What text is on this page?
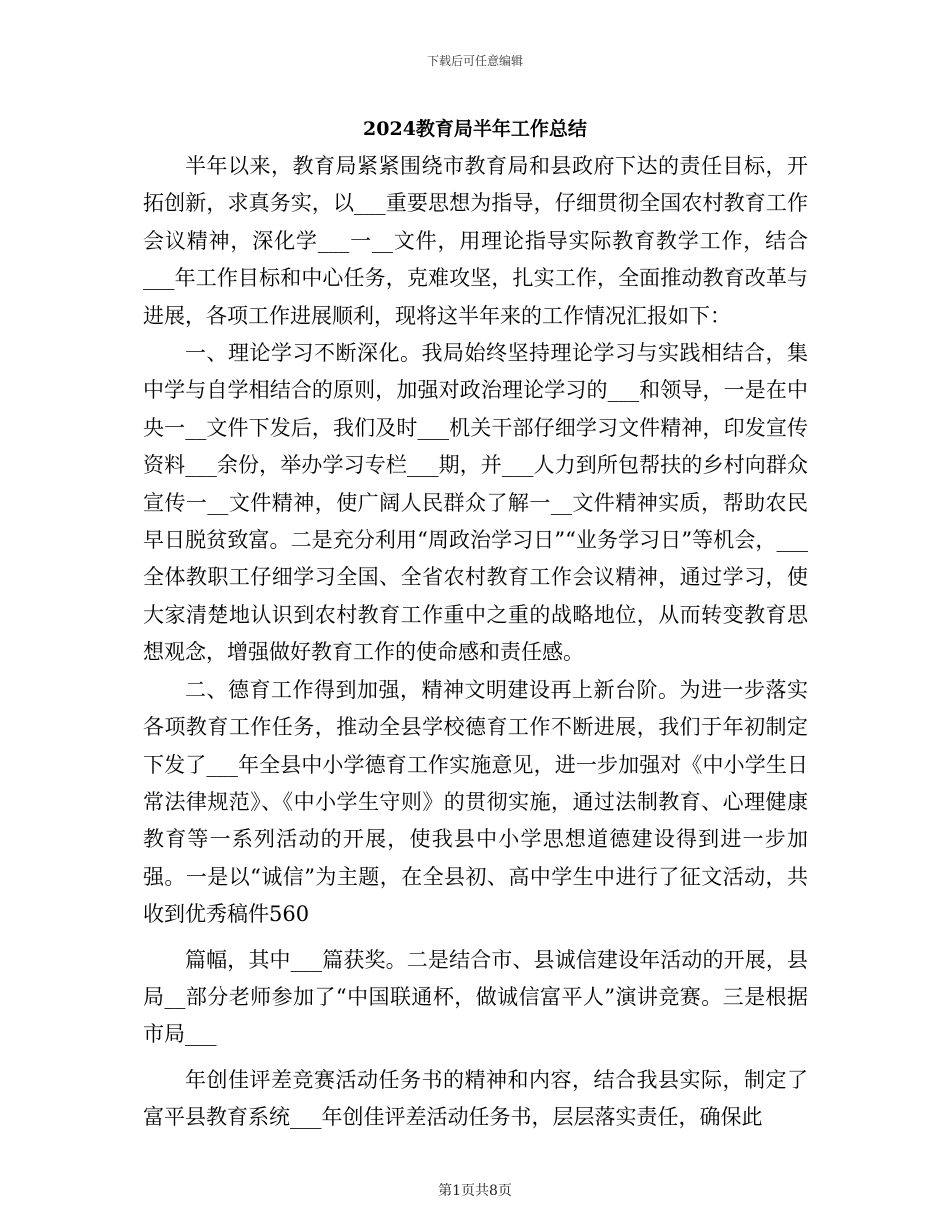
下载后可任意编辑
2024教育局半年工作总结

半年以来，教育局紧紧围绕市教育局和县政府下达的责任目标，开拓创新，求真务实，以___重要思想为指导，仔细贯彻全国农村教育工作会议精神，深化学___一__文件，用理论指导实际教育教学工作，结合___年工作目标和中心任务，克难攻坚，扎实工作，全面推动教育改革与进展，各项工作进展顺利，现将这半年来的工作情况汇报如下：

一、理论学习不断深化。我局始终坚持理论学习与实践相结合，集中学与自学相结合的原则，加强对政治理论学习的___和领导，一是在中央一__文件下发后，我们及时___机关干部仔细学习文件精神，印发宣传资料___余份，举办学习专栏___期，并___人力到所包帮扶的乡村向群众宣传一__文件精神，使广阔人民群众了解一__文件精神实质，帮助农民早日脱贫致富。二是充分利用“周政治学习日”“业务学习日”等机会，___全体教职工仔细学习全国、全省农村教育工作会议精神，通过学习，使大家清楚地认识到农村教育工作重中之重的战略地位，从而转变教育思想观念，增强做好教育工作的使命感和责任感。

二、德育工作得到加强，精神文明建设再上新台阶。为进一步落实各项教育工作任务，推动全县学校德育工作不断进展，我们于年初制定下发了___年全县中小学德育工作实施意见，进一步加强对《中小学生日常法律规范》、《中小学生守则》的贯彻实施，通过法制教育、心理健康教育等一系列活动的开展，使我县中小学思想道德建设得到进一步加强。一是以“诚信”为主题，在全县初、高中学生中进行了征文活动，共收到优秀稿件560

篇幅，其中___篇获奖。二是结合市、县诚信建设年活动的开展，县局__部分老师参加了“中国联通杯，做诚信富平人”演讲竞赛。三是根据市局___

年创佳评差竞赛活动任务书的精神和内容，结合我县实际，制定了富平县教育系统___年创佳评差活动任务书，层层落实责任，确保此

第1页共8页
